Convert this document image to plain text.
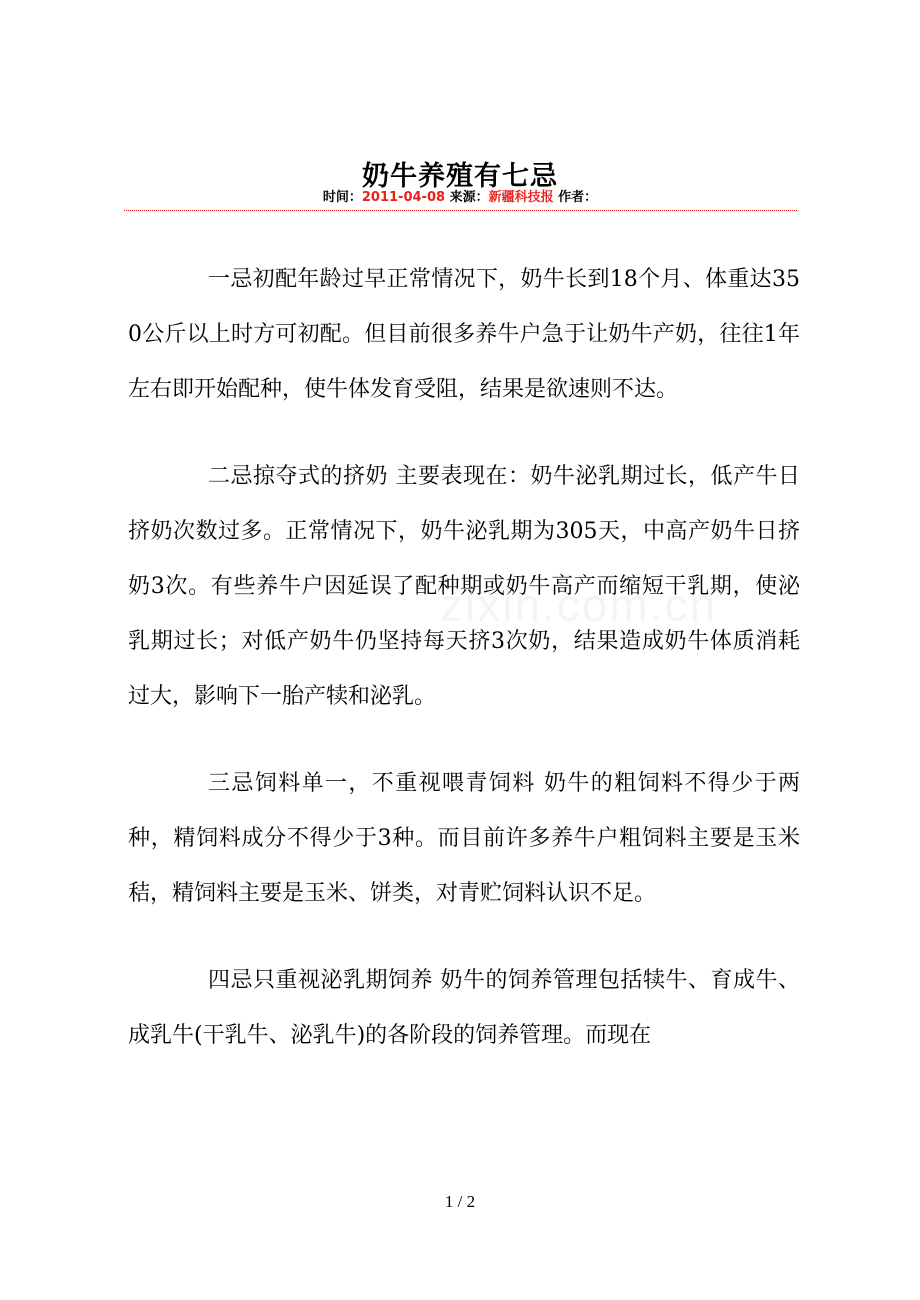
奶牛养殖有七忌
时间：2011-04-08 来源：新疆科技报 作者：

一忌初配年龄过早正常情况下，奶牛长到18个月、体重达350公斤以上时方可初配。但目前很多养牛户急于让奶牛产奶，往往1年左右即开始配种，使牛体发育受阻，结果是欲速则不达。

二忌掠夺式的挤奶 主要表现在：奶牛泌乳期过长，低产牛日挤奶次数过多。正常情况下，奶牛泌乳期为305天，中高产奶牛日挤奶3次。有些养牛户因延误了配种期或奶牛高产而缩短干乳期，使泌乳期过长；对低产奶牛仍坚持每天挤3次奶，结果造成奶牛体质消耗过大，影响下一胎产犊和泌乳。

三忌饲料单一，不重视喂青饲料 奶牛的粗饲料不得少于两种，精饲料成分不得少于3种。而目前许多养牛户粗饲料主要是玉米秸，精饲料主要是玉米、饼类，对青贮饲料认识不足。

四忌只重视泌乳期饲养 奶牛的饲养管理包括犊牛、育成牛、成乳牛(干乳牛、泌乳牛)的各阶段的饲养管理。而现在

1 / 2
